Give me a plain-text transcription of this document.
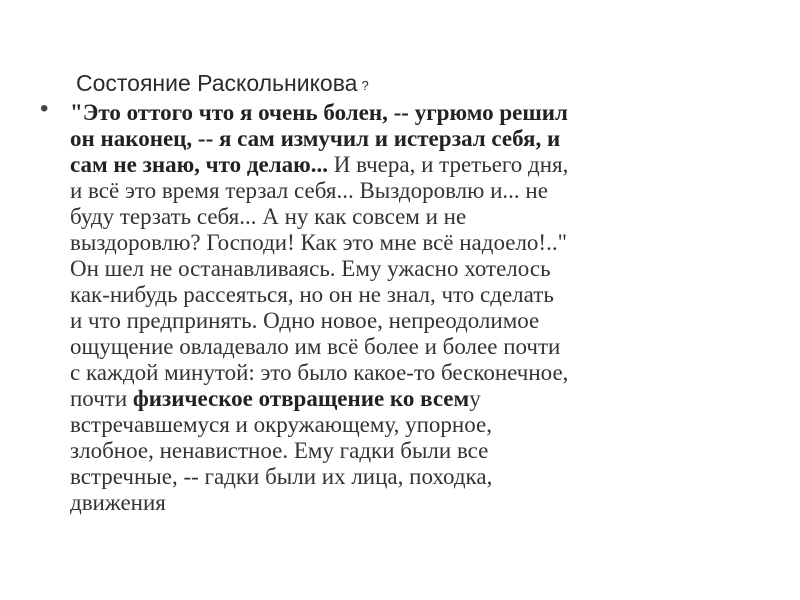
Состояние Раскольникова ?
• "Это оттого что я очень болен, -- угрюмо решил
он наконец, -- я сам измучил и истерзал себя, и
сам не знаю, что делаю... И вчера, и третьего дня,
и всё это время терзал себя... Выздоровлю и... не
буду терзать себя... А ну как совсем и не
выздоровлю? Господи! Как это мне всё надоело!.."
Он шел не останавливаясь. Ему ужасно хотелось
как-нибудь рассеяться, но он не знал, что сделать
и что предпринять. Одно новое, непреодолимое
ощущение овладевало им всё более и более почти
с каждой минутой: это было какое-то бесконечное,
почти физическое отвращение ко всему
встречавшемуся и окружающему, упорное,
злобное, ненавистное. Ему гадки были все
встречные, -- гадки были их лица, походка,
движения
